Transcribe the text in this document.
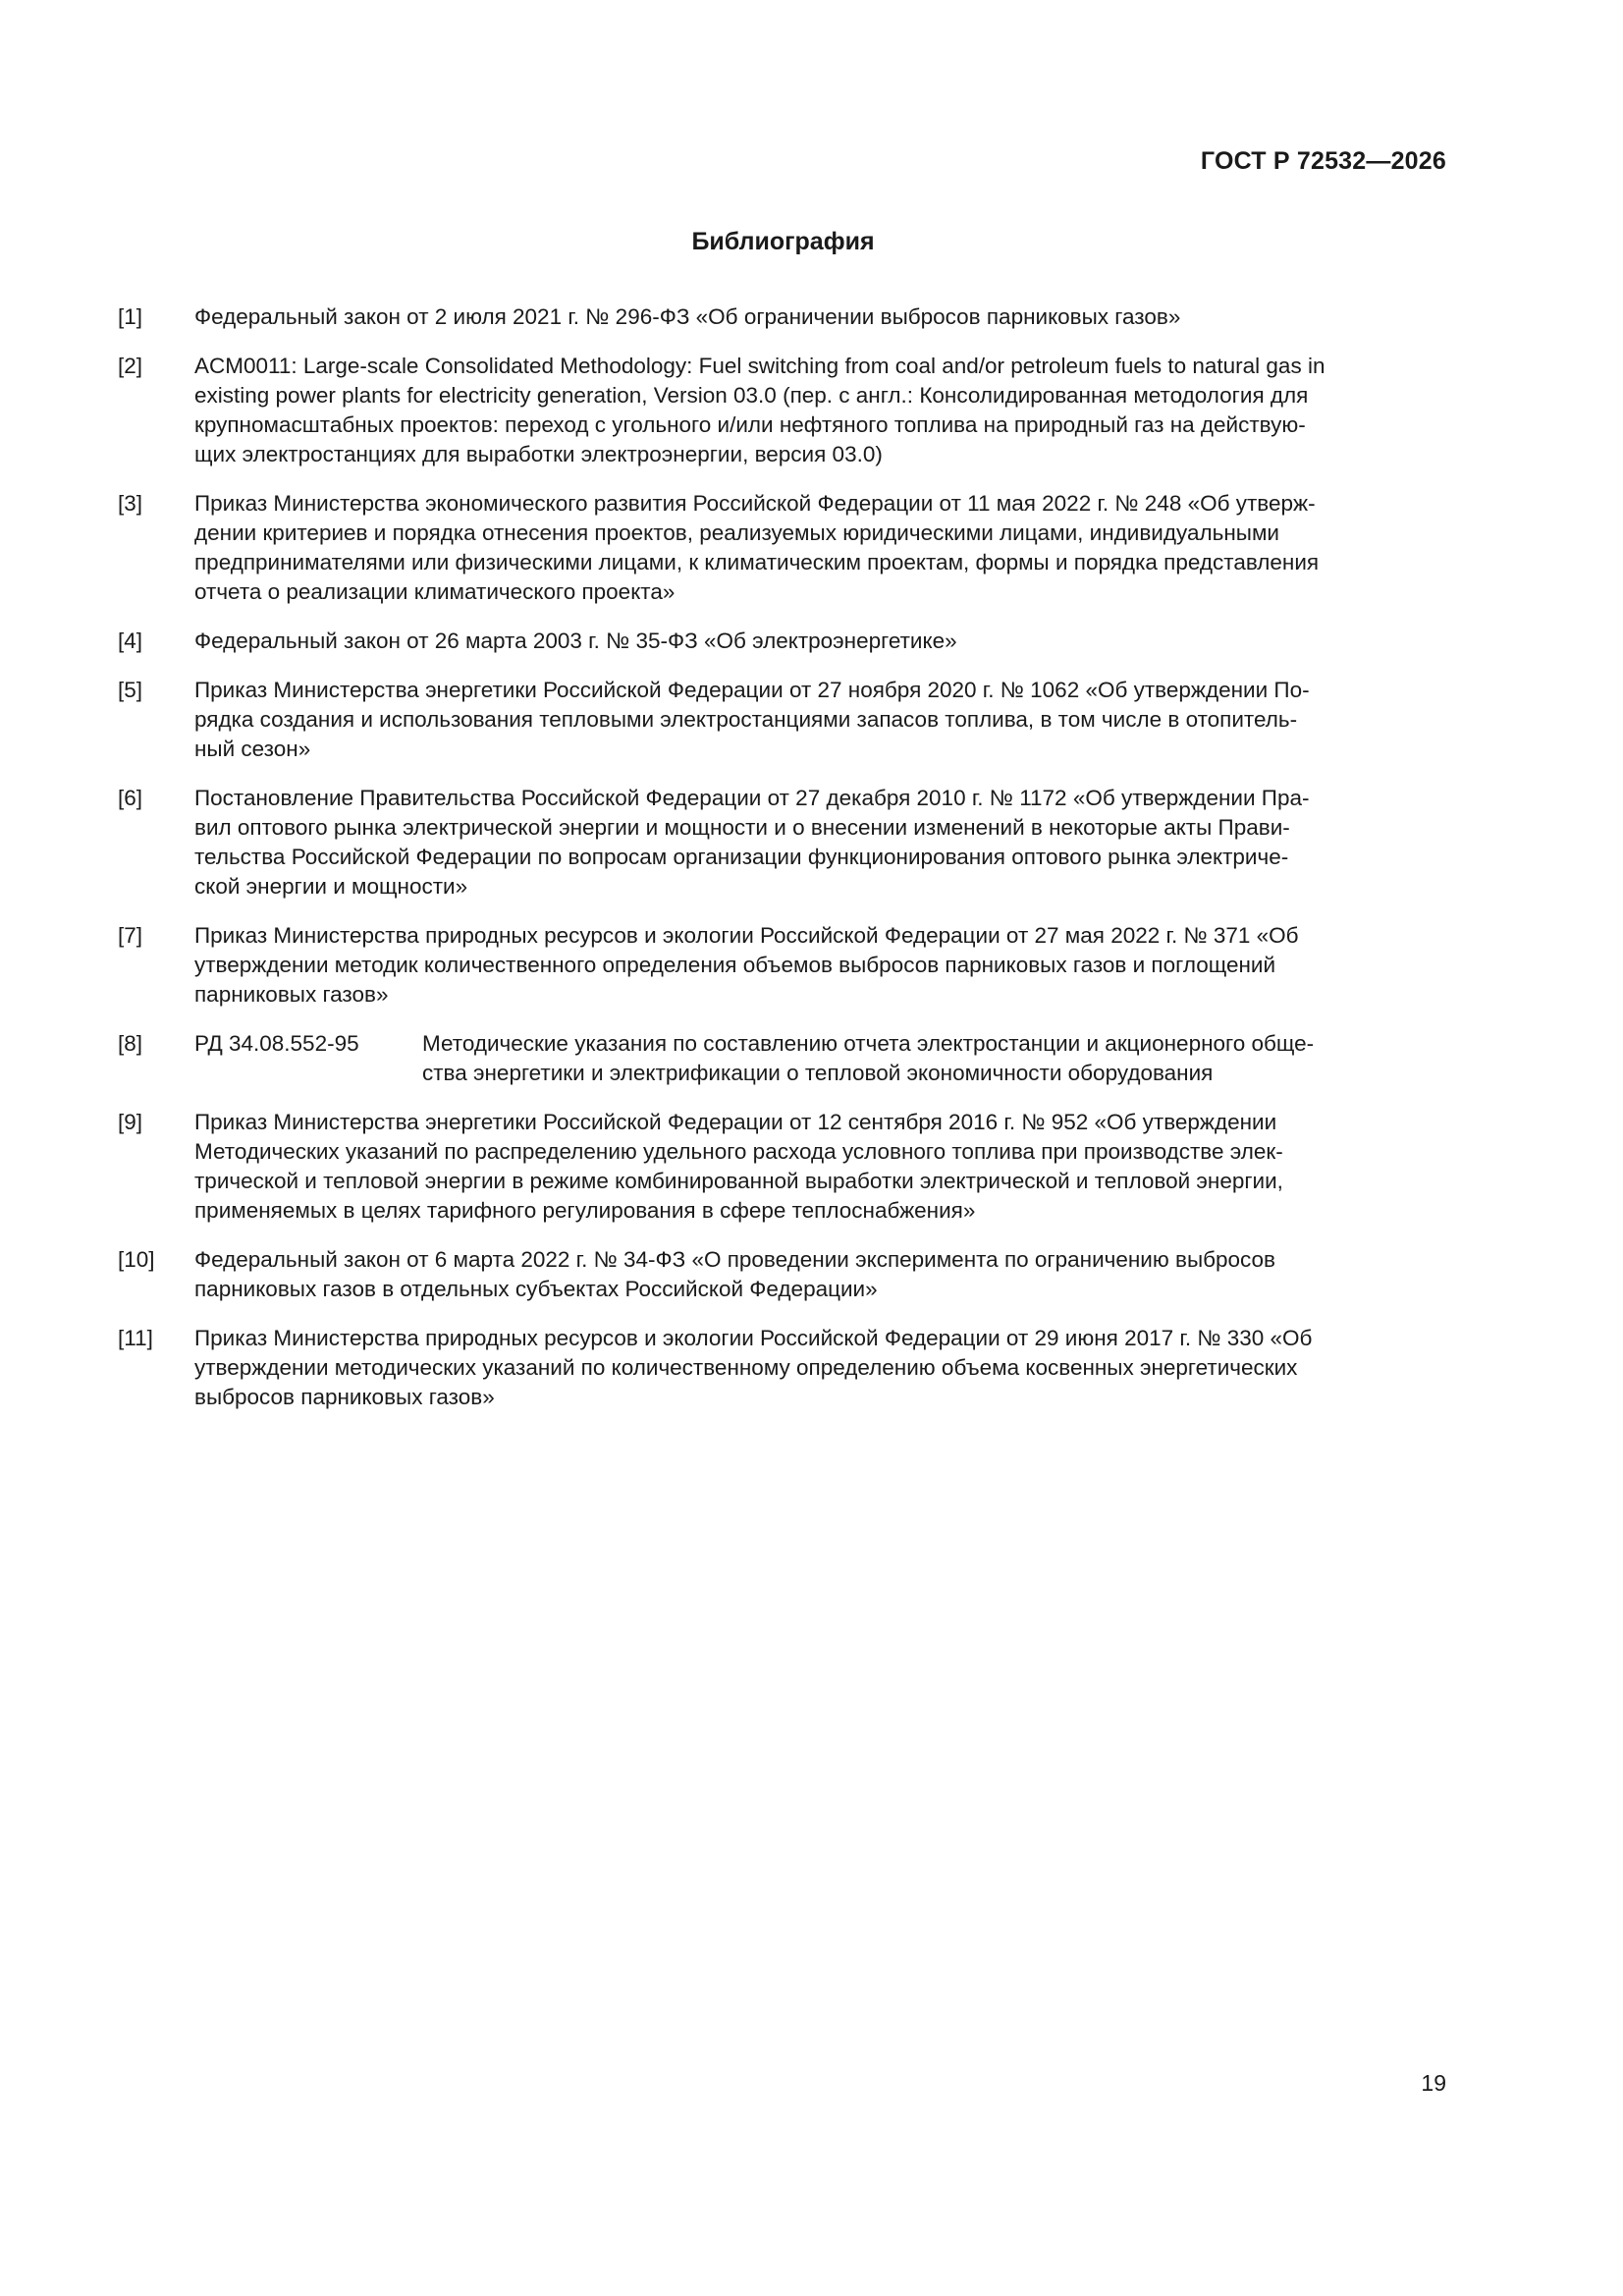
ГОСТ Р 72532—2026
Библиография
[1]	Федеральный закон от 2 июля 2021 г. № 296-ФЗ «Об ограничении выбросов парниковых газов»
[2]	ACM0011: Large-scale Consolidated Methodology: Fuel switching from coal and/or petroleum fuels to natural gas in
existing power plants for electricity generation, Version 03.0 (пер. с англ.: Консолидированная методология для
крупномасштабных проектов: переход с угольного и/или нефтяного топлива на природный газ на действую-
щих электростанциях для выработки электроэнергии, версия 03.0)
[3]	Приказ Министерства экономического развития Российской Федерации от 11 мая 2022 г. № 248 «Об утверж-
дении критериев и порядка отнесения проектов, реализуемых юридическими лицами, индивидуальными
предпринимателями или физическими лицами, к климатическим проектам, формы и порядка представления
отчета о реализации климатического проекта»
[4]	Федеральный закон от 26 марта 2003 г. № 35-ФЗ «Об электроэнергетике»
[5]	Приказ Министерства энергетики Российской Федерации от 27 ноября 2020 г. № 1062 «Об утверждении По-
рядка создания и использования тепловыми электростанциями запасов топлива, в том числе в отопитель-
ный сезон»
[6]	Постановление Правительства Российской Федерации от 27 декабря 2010 г. № 1172 «Об утверждении Пра-
вил оптового рынка электрической энергии и мощности и о внесении изменений в некоторые акты Прави-
тельства Российской Федерации по вопросам организации функционирования оптового рынка электриче-
ской энергии и мощности»
[7]	Приказ Министерства природных ресурсов и экологии Российской Федерации от 27 мая 2022 г. № 371 «Об
утверждении методик количественного определения объемов выбросов парниковых газов и поглощений
парниковых газов»
[8]	РД 34.08.552-95	Методические указания по составлению отчета электростанции и акционерного обще-
ства энергетики и электрификации о тепловой экономичности оборудования
[9]	Приказ Министерства энергетики Российской Федерации от 12 сентября 2016 г. № 952 «Об утверждении
Методических указаний по распределению удельного расхода условного топлива при производстве элек-
трической и тепловой энергии в режиме комбинированной выработки электрической и тепловой энергии,
применяемых в целях тарифного регулирования в сфере теплоснабжения»
[10]	Федеральный закон от 6 марта 2022 г. № 34-ФЗ «О проведении эксперимента по ограничению выбросов
парниковых газов в отдельных субъектах Российской Федерации»
[11]	Приказ Министерства природных ресурсов и экологии Российской Федерации от 29 июня 2017 г. № 330 «Об
утверждении методических указаний по количественному определению объема косвенных энергетических
выбросов парниковых газов»
19
